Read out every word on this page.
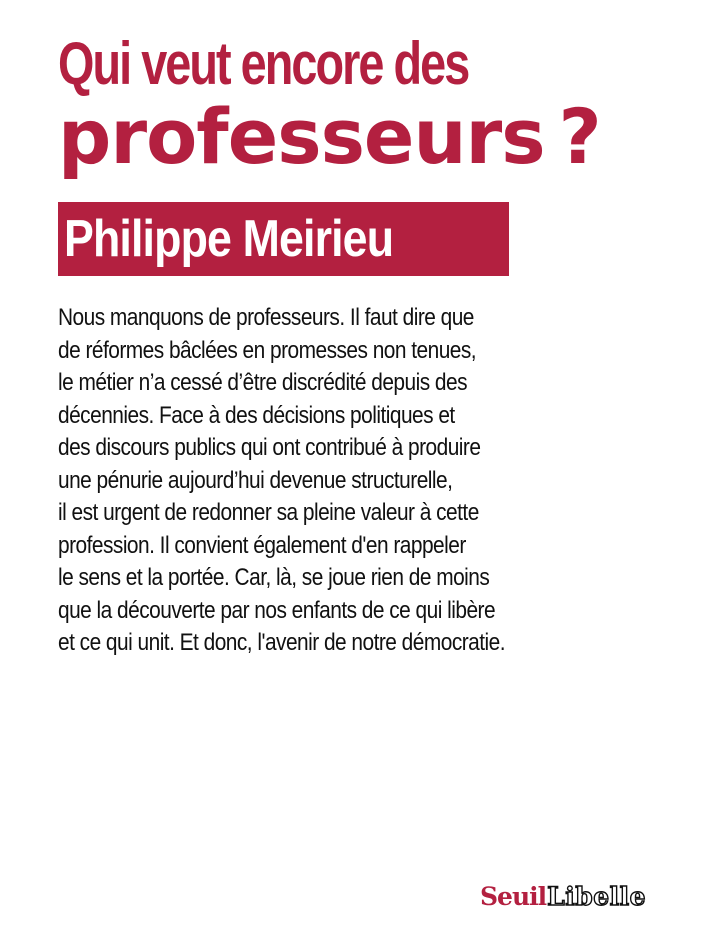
Qui veut encore des
professeurs ?
Philippe Meirieu
Nous manquons de professeurs. Il faut dire que
de réformes bâclées en promesses non tenues,
le métier n’a cessé d’être discrédité depuis des
décennies. Face à des décisions politiques et
des discours publics qui ont contribué à produire
une pénurie aujourd’hui devenue structurelle,
il est urgent de redonner sa pleine valeur à cette
profession. Il convient également d'en rappeler
le sens et la portée. Car, là, se joue rien de moins
que la découverte par nos enfants de ce qui libère
et ce qui unit. Et donc, l'avenir de notre démocratie.
Seuil Libelle
